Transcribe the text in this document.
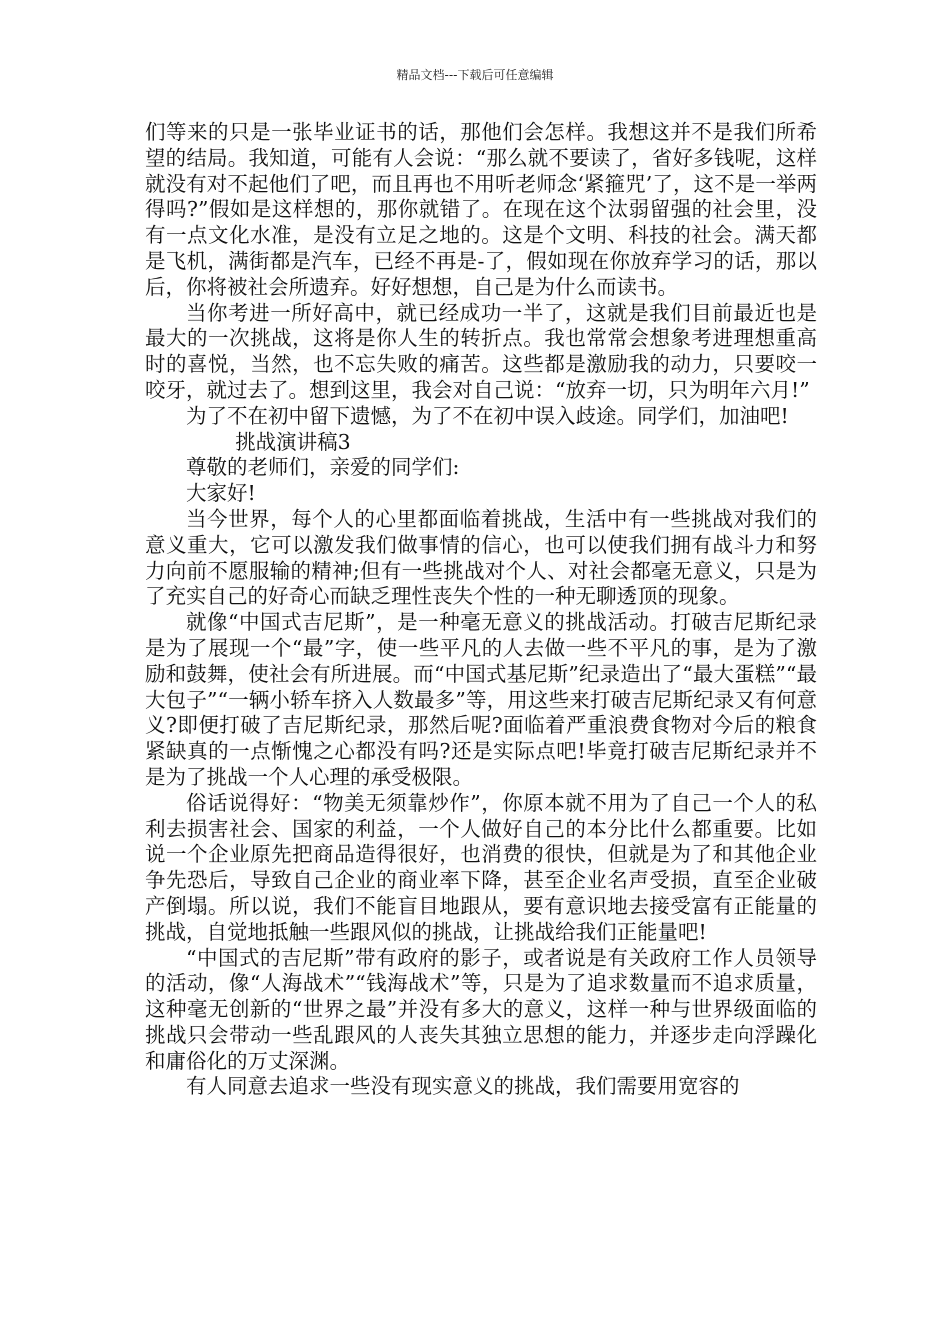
精品文档---下载后可任意编辑

们等来的只是一张毕业证书的话，那他们会怎样。我想这并不是我们所希望的结局。我知道，可能有人会说：“那么就不要读了，省好多钱呢，这样就没有对不起他们了吧，而且再也不用听老师念‘紧箍咒’了，这不是一举两得吗?”假如是这样想的，那你就错了。在现在这个汰弱留强的社会里，没有一点文化水准，是没有立足之地的。这是个文明、科技的社会。满天都是飞机，满街都是汽车，已经不再是-了，假如现在你放弃学习的话，那以后，你将被社会所遗弃。好好想想，自己是为什么而读书。

当你考进一所好高中，就已经成功一半了，这就是我们目前最近也是最大的一次挑战，这将是你人生的转折点。我也常常会想象考进理想重高时的喜悦，当然，也不忘失败的痛苦。这些都是激励我的动力，只要咬一咬牙，就过去了。想到这里，我会对自己说：“放弃一切，只为明年六月!”

为了不在初中留下遗憾，为了不在初中误入歧途。同学们，加油吧!

挑战演讲稿3

尊敬的老师们，亲爱的同学们:

大家好!

当今世界，每个人的心里都面临着挑战，生活中有一些挑战对我们的意义重大，它可以激发我们做事情的信心，也可以使我们拥有战斗力和努力向前不愿服输的精神;但有一些挑战对个人、对社会都毫无意义，只是为了充实自己的好奇心而缺乏理性丧失个性的一种无聊透顶的现象。

就像“中国式吉尼斯”，是一种毫无意义的挑战活动。打破吉尼斯纪录是为了展现一个“最”字，使一些平凡的人去做一些不平凡的事，是为了激励和鼓舞，使社会有所进展。而“中国式基尼斯”纪录造出了“最大蛋糕”“最大包子”“一辆小轿车挤入人数最多”等，用这些来打破吉尼斯纪录又有何意义?即便打破了吉尼斯纪录，那然后呢?面临着严重浪费食物对今后的粮食紧缺真的一点惭愧之心都没有吗?还是实际点吧!毕竟打破吉尼斯纪录并不是为了挑战一个人心理的承受极限。

俗话说得好：“物美无须靠炒作”，你原本就不用为了自己一个人的私利去损害社会、国家的利益，一个人做好自己的本分比什么都重要。比如说一个企业原先把商品造得很好，也消费的很快，但就是为了和其他企业争先恐后，导致自己企业的商业率下降，甚至企业名声受损，直至企业破产倒塌。所以说，我们不能盲目地跟从，要有意识地去接受富有正能量的挑战，自觉地抵触一些跟风似的挑战，让挑战给我们正能量吧!

“中国式的吉尼斯”带有政府的影子，或者说是有关政府工作人员领导的活动，像“人海战术”“钱海战术”等，只是为了追求数量而不追求质量，这种毫无创新的“世界之最”并没有多大的意义，这样一种与世界级面临的挑战只会带动一些乱跟风的人丧失其独立思想的能力，并逐步走向浮躁化和庸俗化的万丈深渊。

有人同意去追求一些没有现实意义的挑战，我们需要用宽容的
